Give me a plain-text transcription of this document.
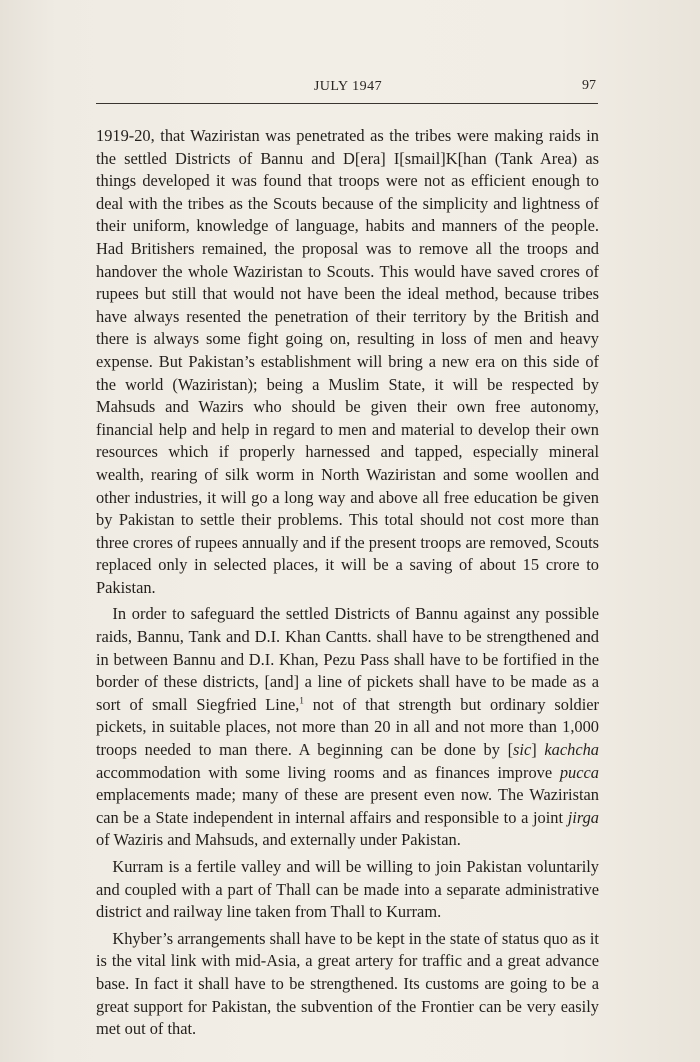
JULY 1947	97

1919-20, that Waziristan was penetrated as the tribes were making raids in the settled Districts of Bannu and D[era] I[smail]K[han (Tank Area) as things developed it was found that troops were not as efficient enough to deal with the tribes as the Scouts because of the simplicity and lightness of their uniform, knowledge of language, habits and manners of the people. Had Britishers remained, the proposal was to remove all the troops and handover the whole Waziristan to Scouts. This would have saved crores of rupees but still that would not have been the ideal method, because tribes have always resented the penetration of their territory by the British and there is always some fight going on, resulting in loss of men and heavy expense. But Pakistan’s establishment will bring a new era on this side of the world (Waziristan); being a Muslim State, it will be respected by Mahsuds and Wazirs who should be given their own free autonomy, financial help and help in regard to men and material to develop their own resources which if properly harnessed and tapped, especially mineral wealth, rearing of silk worm in North Waziristan and some woollen and other industries, it will go a long way and above all free education be given by Pakistan to settle their problems. This total should not cost more than three crores of rupees annually and if the present troops are removed, Scouts replaced only in selected places, it will be a saving of about 15 crore to Pakistan.

 In order to safeguard the settled Districts of Bannu against any possible raids, Bannu, Tank and D.I. Khan Cantts. shall have to be strengthened and in between Bannu and D.I. Khan, Pezu Pass shall have to be fortified in the border of these districts, [and] a line of pickets shall have to be made as a sort of small Siegfried Line,$^1$ not of that strength but ordinary soldier pickets, in suitable places, not more than 20 in all and not more than 1,000 troops needed to man there. A beginning can be done by [sic] kachcha accommodation with some living rooms and as finances improve pucca emplacements made; many of these are present even now. The Waziristan can be a State independent in internal affairs and responsible to a joint jirga of Waziris and Mahsuds, and externally under Pakistan.

 Kurram is a fertile valley and will be willing to join Pakistan voluntarily and coupled with a part of Thall can be made into a separate administrative district and railway line taken from Thall to Kurram.

 Khyber’s arrangements shall have to be kept in the state of status quo as it is the vital link with mid-Asia, a great artery for traffic and a great advance base. In fact it shall have to be strengthened. Its customs are going to be a great support for Pakistan, the subvention of the Frontier can be very easily met out of that.
